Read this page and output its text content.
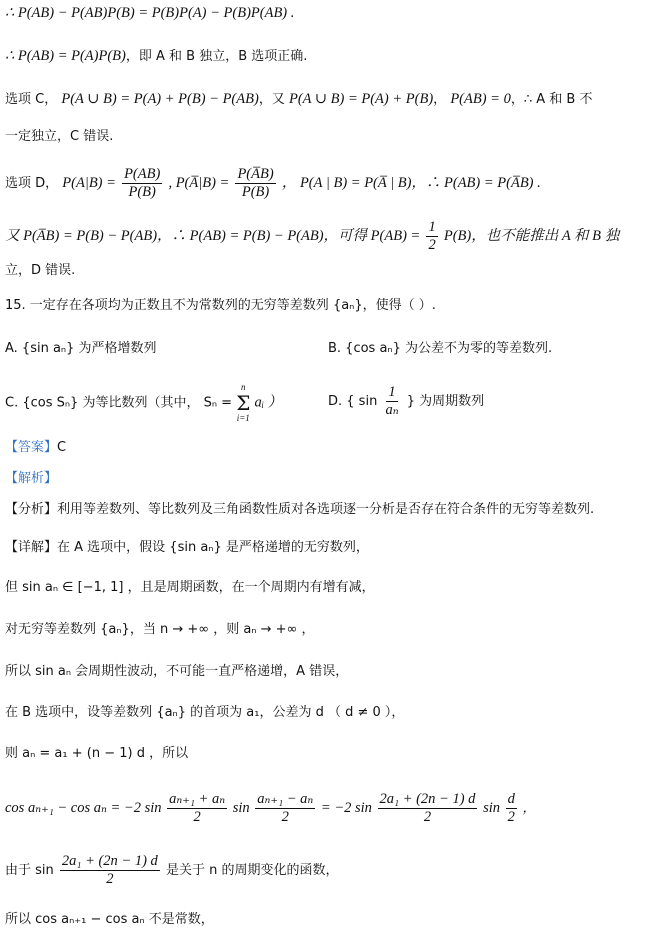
∴ P(AB) − P(AB)P(B) = P(B)P(A) − P(B)P(AB) .
∴ P(AB) = P(A)P(B)，即 A 和 B 独立，B 选项正确.
选项 C， P(A ∪ B) = P(A) + P(B) − P(AB)，又 P(A ∪ B) = P(A) + P(B)， P(AB) = 0，∴ A 和 B 不
一定独立，C 错误.
选项 D， $P(A|B) = \frac{P(AB)}{P(B)}$ , P(A̅|B) = $\frac{P(A̅B)}{P(B)}$ ， P(A | B) = P(A̅ | B)，∴ P(AB) = P(A̅B) .
又 P(A̅B) = P(B) − P(AB)，∴ P(AB) = P(B) − P(AB)，可得 $P(AB) = \frac{1}{2} P(B)$，也不能推出 A 和 B 独
立，D 错误.
15. 一定存在各项均为正数且不为常数列的无穷等差数列 {aₙ}，使得（ ）.
A. {sin aₙ} 为严格增数列	B. {cos aₙ} 为公差不为零的等差数列.
C. {cos Sₙ} 为等比数列（其中， Sₙ =
n
Σ
i=1
aᵢ ）	D. { $\sin \frac{1}{\text{aₙ}}$ } 为周期数列
【答案】C
【解析】
【分析】利用等差数列、等比数列及三角函数性质对各选项逐一分析是否存在符合条件的无穷等差数列.
【详解】在 A 选项中，假设 {sin aₙ} 是严格递增的无穷数列，
但 sin aₙ ∈ [−1, 1] ，且是周期函数，在一个周期内有增有减，
对无穷等差数列 {aₙ}，当 n → +∞ ，则 aₙ → +∞ ，
所以 sin aₙ 会周期性波动，不可能一直严格递增，A 错误，
在 B 选项中，设等差数列 {aₙ} 的首项为 a₁，公差为 d （ d ≠ 0 ），
则 aₙ = a₁ + (n − 1) d ，所以
cos aₙ₊₁ − cos aₙ = −2 $\sin \frac{\text{aₙ₊₁ + aₙ}}{2}$ $\sin \frac{\text{aₙ₊₁ − aₙ}}{2} = -2$ $\sin \frac{\text{2a₁ + (2n − 1) d}}{2}$ $\sin \frac{d}{2}$ ，
由于 $\sin \frac{\text{2a₁ + (2n − 1) d}}{2}$ 是关于 n 的周期变化的函数，
所以 cos aₙ₊₁ − cos aₙ 不是常数，
